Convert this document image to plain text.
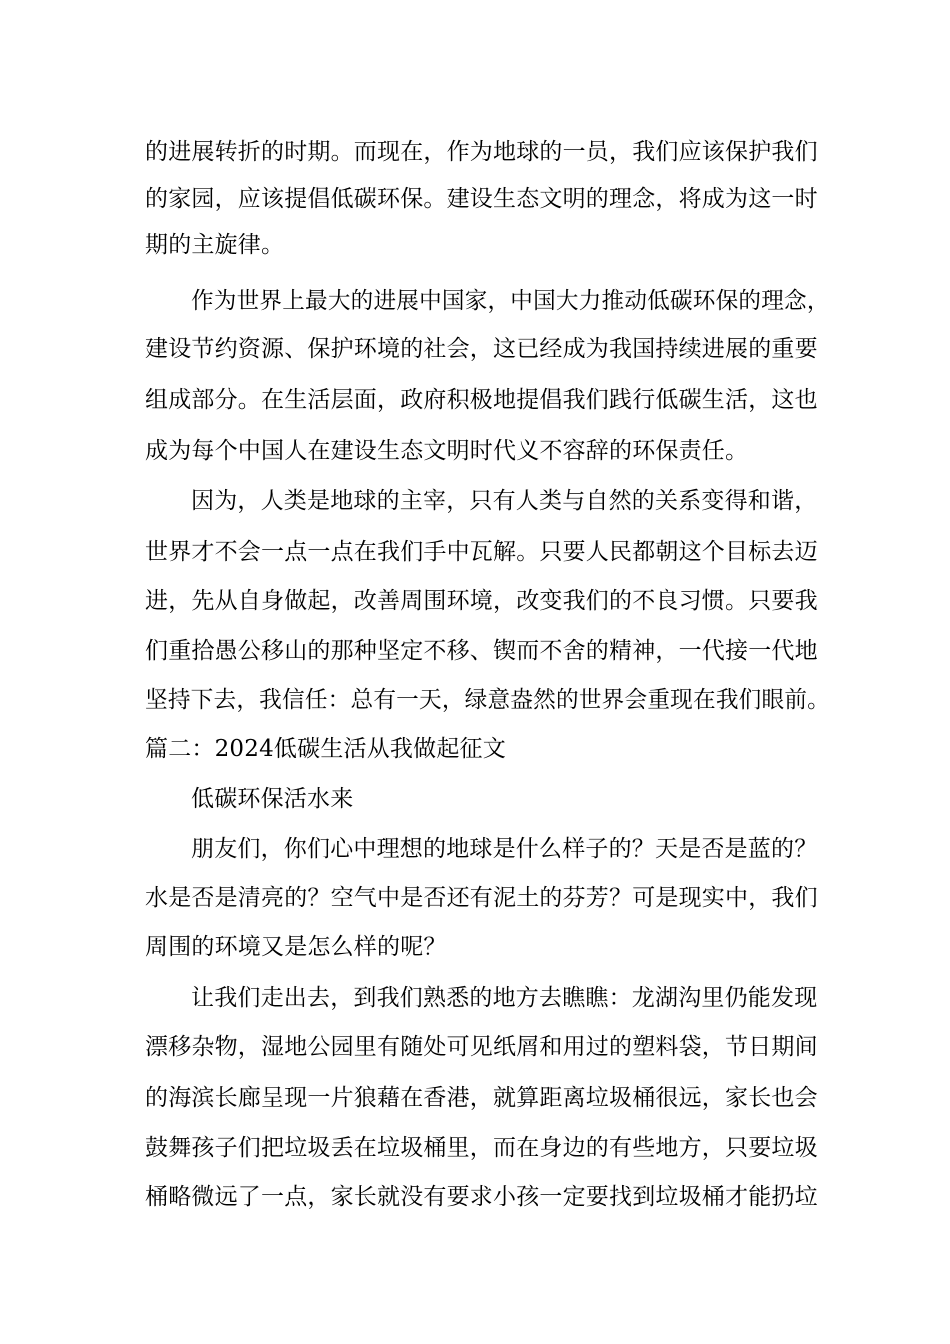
的进展转折的时期。而现在，作为地球的一员，我们应该保护我们
的家园，应该提倡低碳环保。建设生态文明的理念，将成为这一时
期的主旋律。
作为世界上最大的进展中国家，中国大力推动低碳环保的理念，
建设节约资源、保护环境的社会，这已经成为我国持续进展的重要
组成部分。在生活层面，政府积极地提倡我们践行低碳生活，这也
成为每个中国人在建设生态文明时代义不容辞的环保责任。
因为，人类是地球的主宰，只有人类与自然的关系变得和谐，
世界才不会一点一点在我们手中瓦解。只要人民都朝这个目标去迈
进，先从自身做起，改善周围环境，改变我们的不良习惯。只要我
们重拾愚公移山的那种坚定不移、锲而不舍的精神，一代接一代地
坚持下去，我信任：总有一天，绿意盎然的世界会重现在我们眼前。
篇二：2024低碳生活从我做起征文
低碳环保活水来
朋友们，你们心中理想的地球是什么样子的？天是否是蓝的？
水是否是清亮的？空气中是否还有泥土的芬芳？可是现实中，我们
周围的环境又是怎么样的呢？
让我们走出去，到我们熟悉的地方去瞧瞧：龙湖沟里仍能发现
漂移杂物，湿地公园里有随处可见纸屑和用过的塑料袋，节日期间
的海滨长廊呈现一片狼藉在香港，就算距离垃圾桶很远，家长也会
鼓舞孩子们把垃圾丢在垃圾桶里，而在身边的有些地方，只要垃圾
桶略微远了一点，家长就没有要求小孩一定要找到垃圾桶才能扔垃
